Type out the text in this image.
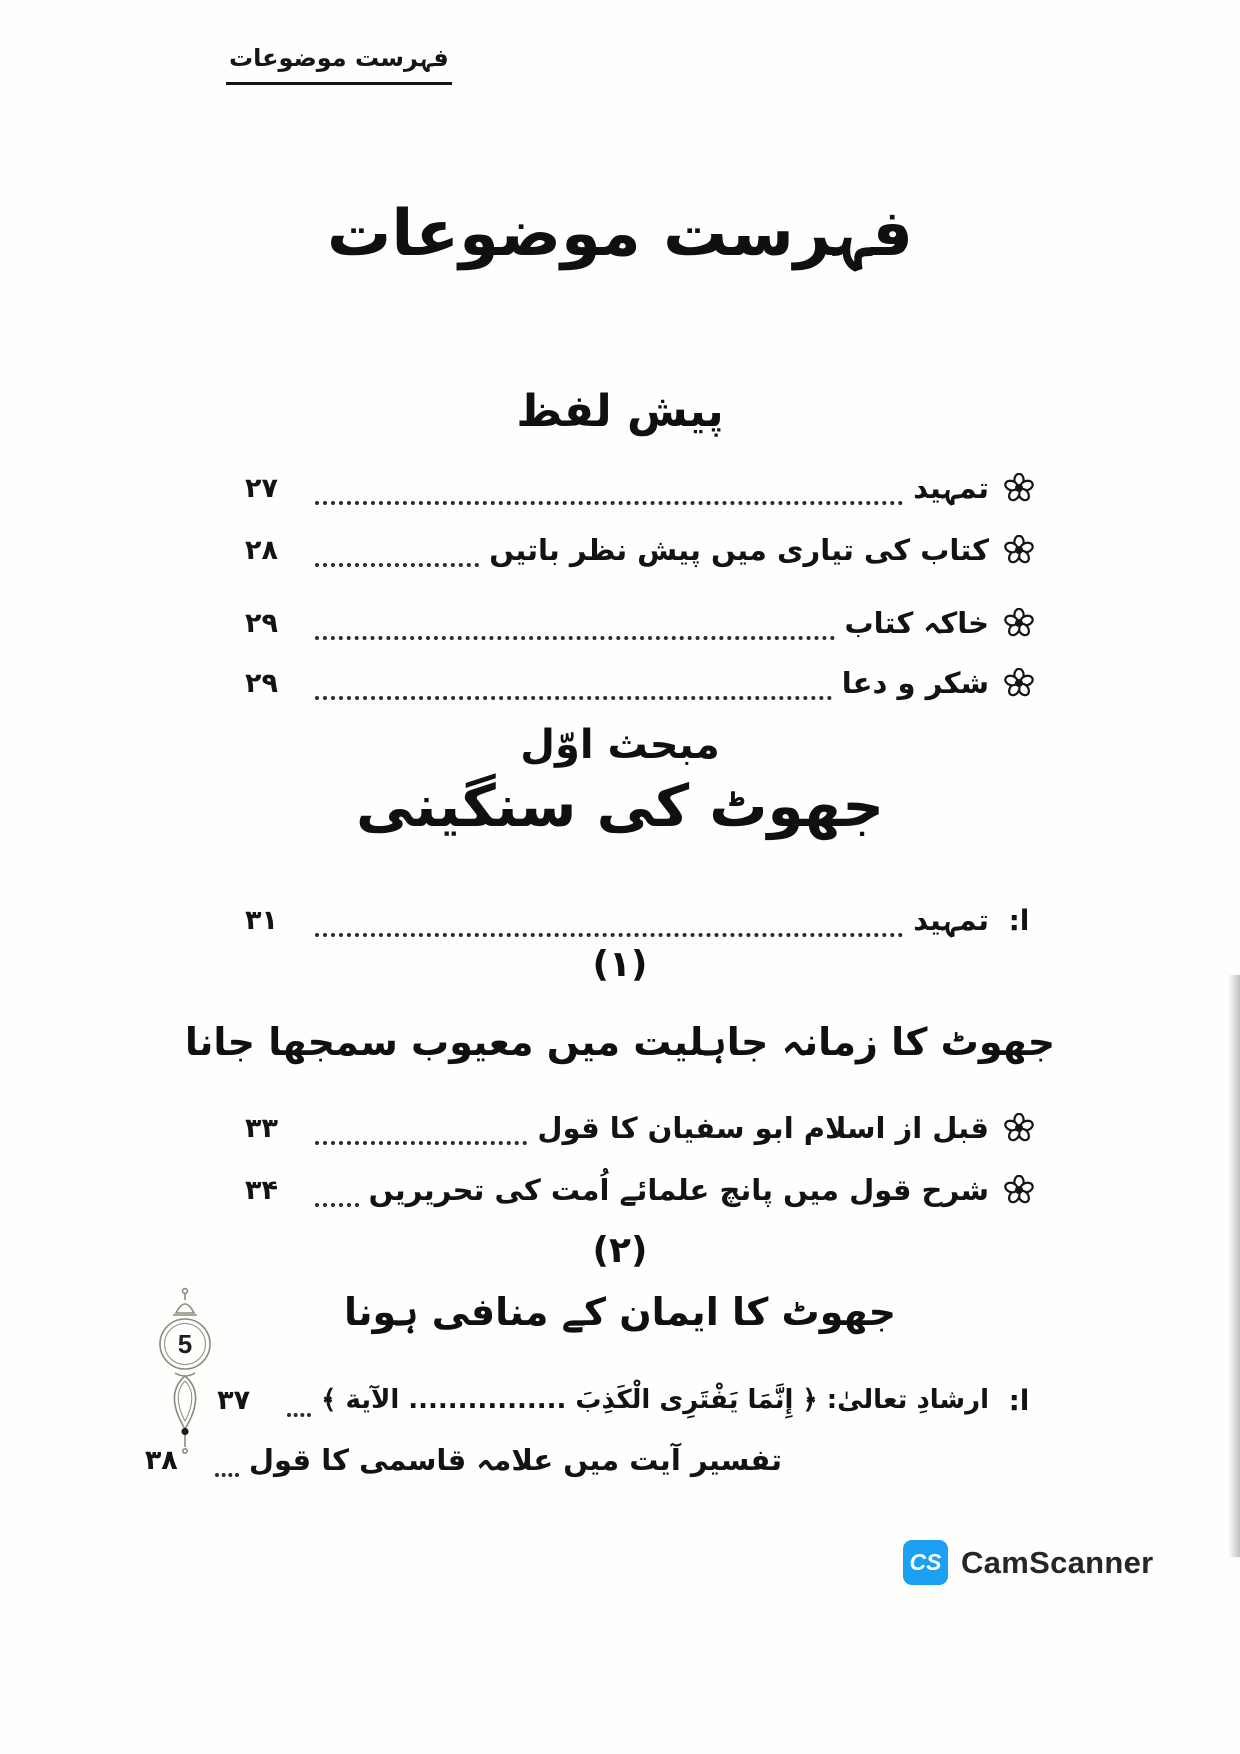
فہرست موضوعات
فہرست موضوعات
پیش لفظ
تمہید
۲۷
کتاب کی تیاری میں پیش نظر باتیں
۲۸
خاکہ کتاب
۲۹
شکر و دعا
۲۹
مبحث اوّل
جھوٹ کی سنگینی
ا:
تمہید
۳۱
(۱)
جھوٹ کا زمانہ جاہلیت میں معیوب سمجھا جانا
قبل از اسلام ابو سفیان کا قول
۳۳
شرح قول میں پانچ علمائے اُمت کی تحریریں
۳۴
(۲)
جھوٹ کا ایمان کے منافی ہونا
ا:
ارشادِ تعالیٰ: ﴿ إِنَّمَا يَفْتَرِى الْكَذِبَ ................ الآية ﴾
۳۷
تفسیر آیت میں علامہ قاسمی کا قول
۳۸
5
CS CamScanner
